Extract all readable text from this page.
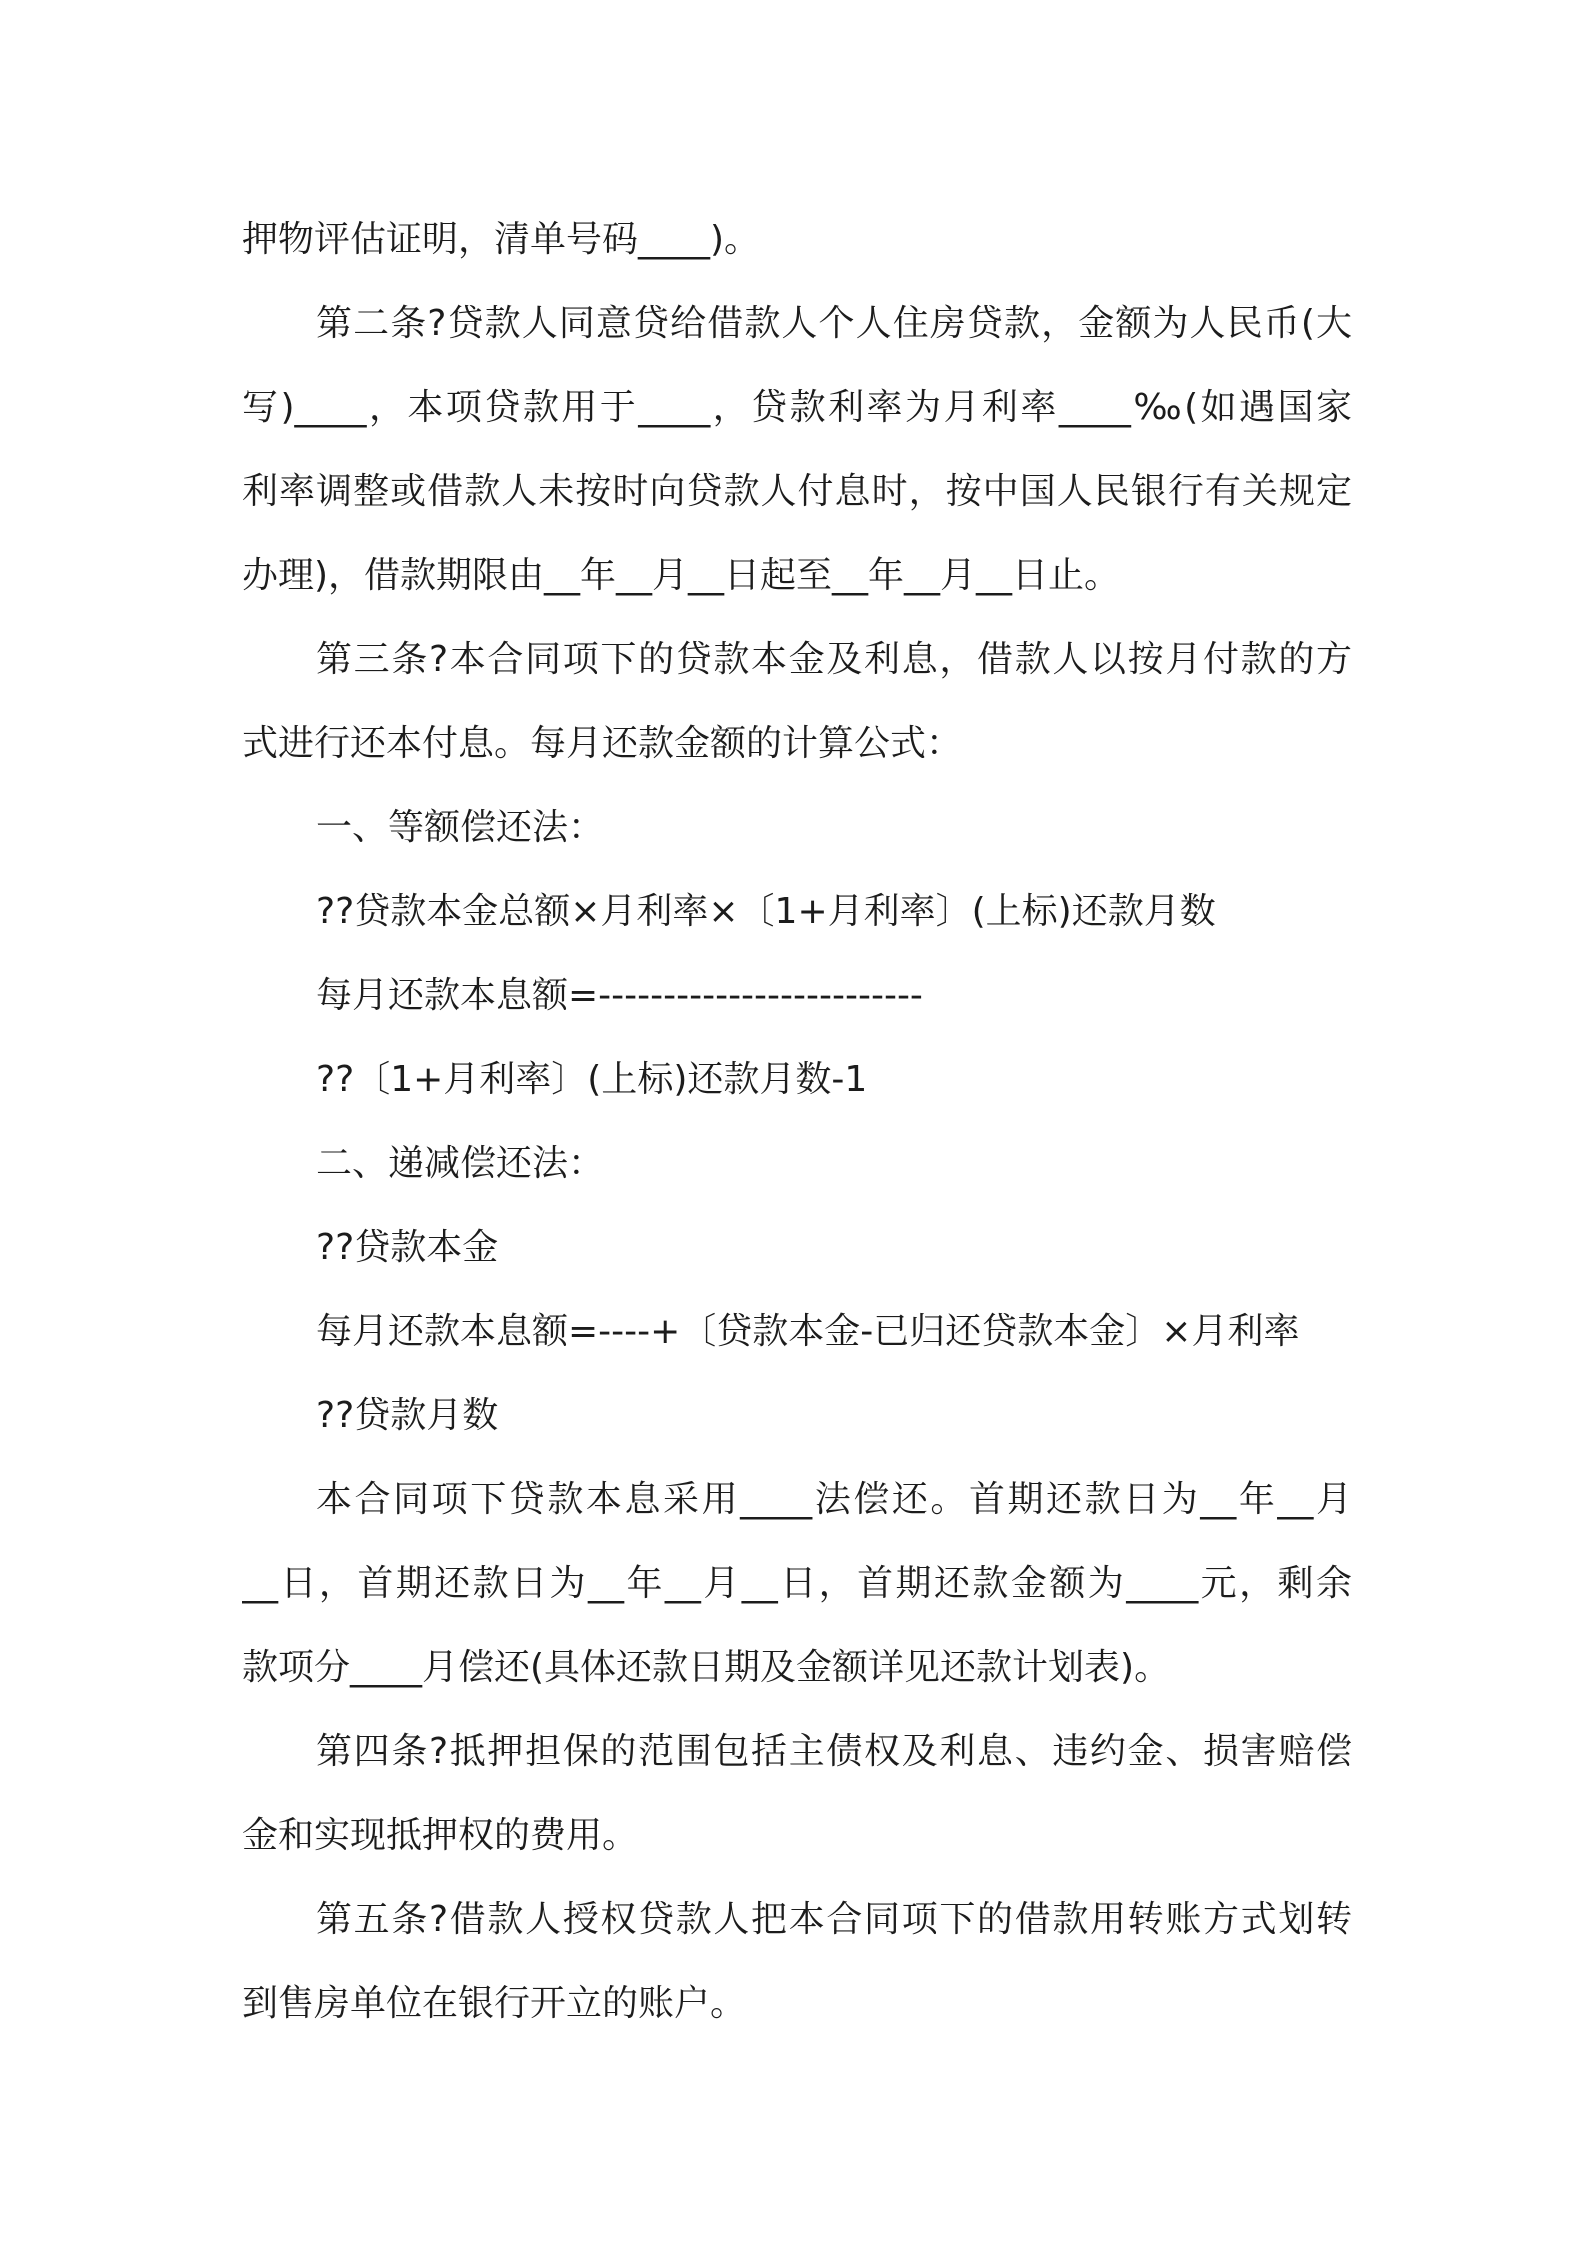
押物评估证明，清单号码____)。
第二条?贷款人同意贷给借款人个人住房贷款，金额为人民币(大
写)____，本项贷款用于____，贷款利率为月利率____‰(如遇国家
利率调整或借款人未按时向贷款人付息时，按中国人民银行有关规定
办理)，借款期限由__年__月__日起至__年__月__日止。
第三条?本合同项下的贷款本金及利息，借款人以按月付款的方
式进行还本付息。每月还款金额的计算公式：
一、等额偿还法：
??贷款本金总额×月利率×〔1+月利率〕(上标)还款月数
每月还款本息额=-------------------------
??〔1+月利率〕(上标)还款月数-1
二、递减偿还法：
??贷款本金
每月还款本息额=----+〔贷款本金-已归还贷款本金〕×月利率
??贷款月数
本合同项下贷款本息采用____法偿还。首期还款日为__年__月
__日，首期还款日为__年__月__日，首期还款金额为____元，剩余
款项分____月偿还(具体还款日期及金额详见还款计划表)。
第四条?抵押担保的范围包括主债权及利息、违约金、损害赔偿
金和实现抵押权的费用。
第五条?借款人授权贷款人把本合同项下的借款用转账方式划转
到售房单位在银行开立的账户。
